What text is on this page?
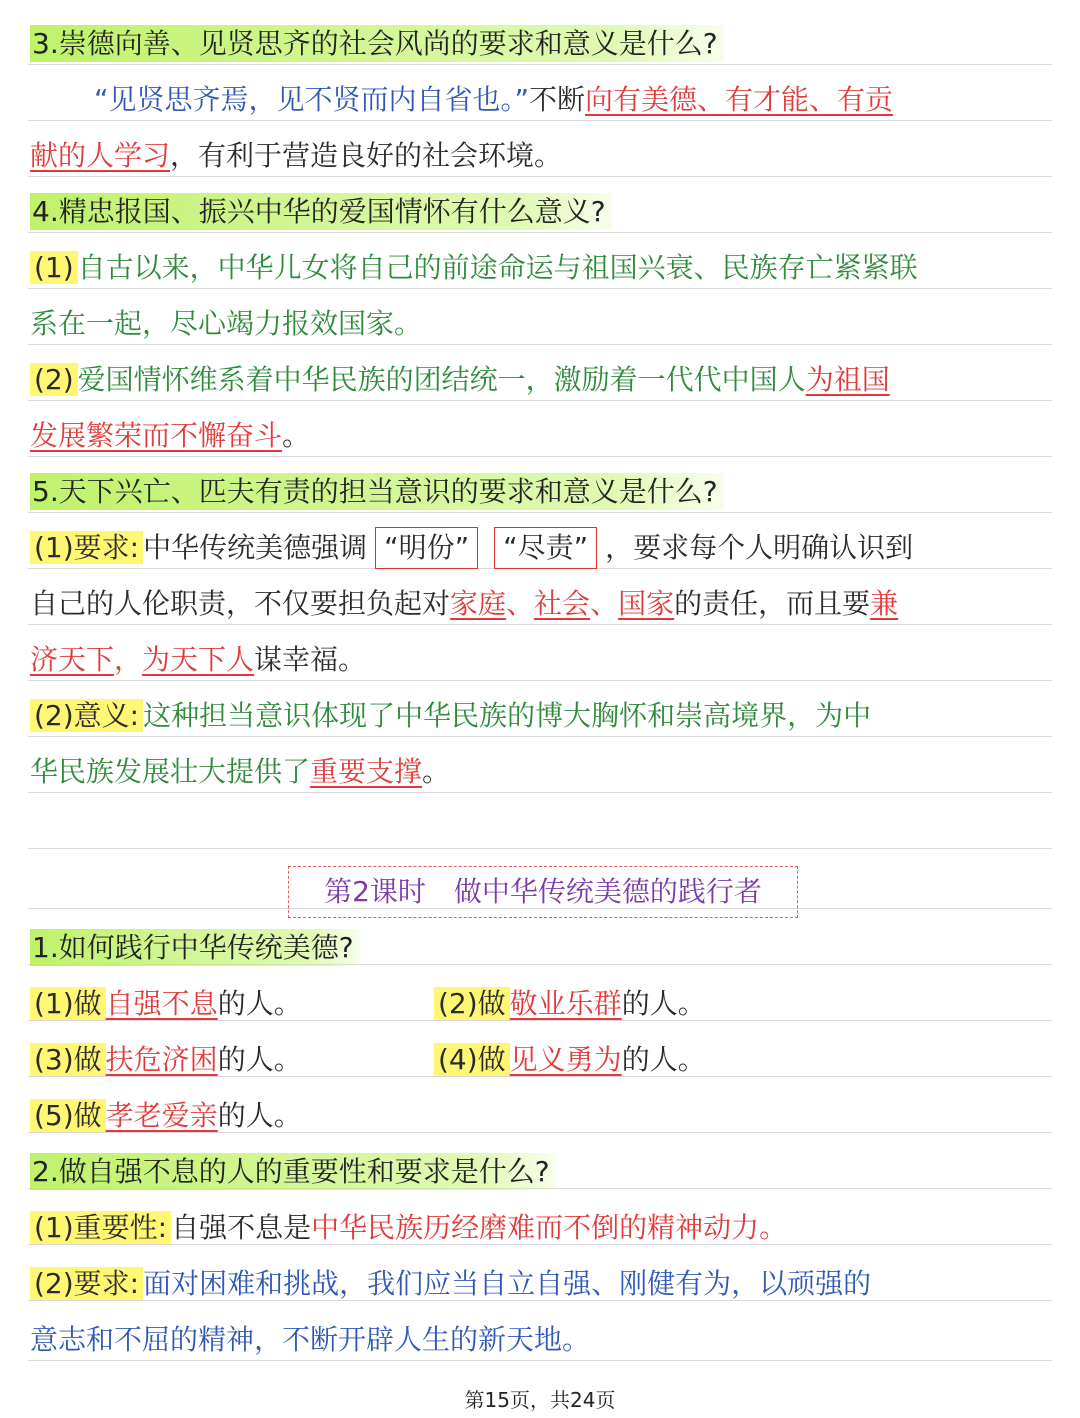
3.崇德向善、见贤思齐的社会风尚的要求和意义是什么?
“见贤思齐焉，见不贤而内自省也。”不断向有美德、有才能、有贡
献的人学习，有利于营造良好的社会环境。
4.精忠报国、振兴中华的爱国情怀有什么意义?
(1) 自古以来，中华儿女将自己的前途命运与祖国兴衰、民族存亡紧紧联
系在一起，尽心竭力报效国家。
(2) 爱国情怀维系着中华民族的团结统一，激励着一代代中国人为祖国
发展繁荣而不懈奋斗。
5.天下兴亡、匹夫有责的担当意识的要求和意义是什么?
(1)要求: 中华传统美德强调 “明份” “尽责” ，要求每个人明确认识到
自己的人伦职责，不仅要担负起对家庭、社会、国家的责任，而且要兼
济天下，为天下人谋幸福。
(2)意义: 这种担当意识体现了中华民族的博大胸怀和崇高境界，为中
华民族发展壮大提供了重要支撑。
第2课时　做中华传统美德的践行者
1.如何践行中华传统美德?
(1)做 自强不息的人。	(2)做 敬业乐群的人。
(3)做 扶危济困的人。	(4)做 见义勇为的人。
(5)做 孝老爱亲的人。
2.做自强不息的人的重要性和要求是什么?
(1)重要性: 自强不息是中华民族历经磨难而不倒的精神动力。
(2)要求: 面对困难和挑战，我们应当自立自强、刚健有为，以顽强的
意志和不屈的精神，不断开辟人生的新天地。
第15页，共24页
